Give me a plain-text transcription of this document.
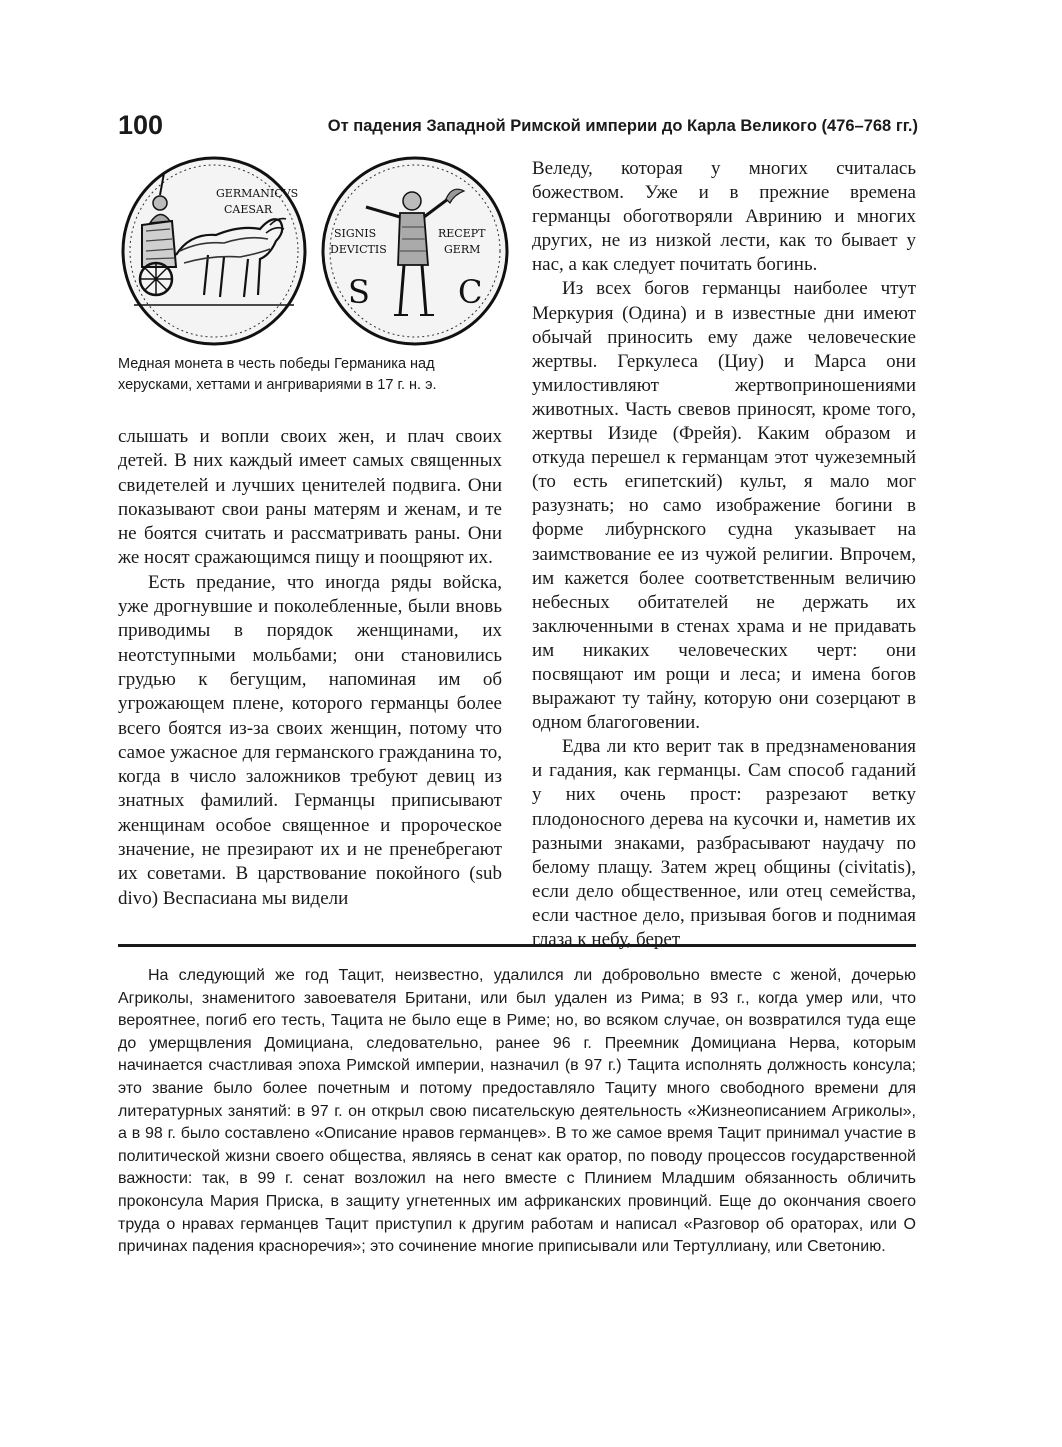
100	От падения Западной Римской империи до Карла Великого (476–768 гг.)
GERMANICVS
CAESAR
SIGNIS
DEVICTIS
RECEPT
GERM
S	C
Медная монета в честь победы Германика над
херусками, хеттами и ангривариями в 17 г. н. э.

слышать и вопли своих жен, и плач своих детей. В них каждый имеет самых священных свидетелей и лучших ценителей подвига. Они показывают свои раны матерям и женам, и те не боятся считать и рассматривать раны. Они же носят сражающимся пищу и поощряют их.

Есть предание, что иногда ряды войска, уже дрогнувшие и поколебленные, были вновь приводимы в порядок женщинами, их неотступными мольбами; они становились грудью к бегущим, напоминая им об угрожающем плене, которого германцы более всего боятся из-за своих женщин, потому что самое ужасное для германского гражданина то, когда в число заложников требуют девиц из знатных фамилий. Германцы приписывают женщинам особое священное и пророческое значение, не презирают их и не пренебрегают их советами. В царствование покойного (sub divo) Веспасиана мы видели

Веледу, которая у многих считалась божеством. Уже и в прежние времена германцы обоготворяли Авринию и многих других, не из низкой лести, как то бывает у нас, а как следует почитать богинь.

Из всех богов германцы наиболее чтут Меркурия (Одина) и в известные дни имеют обычай приносить ему даже человеческие жертвы. Геркулеса (Циу) и Марса они умилостивляют жертвоприношениями животных. Часть свевов приносят, кроме того, жертвы Изиде (Фрейя). Каким образом и откуда перешел к германцам этот чужеземный (то есть египетский) культ, я мало мог разузнать; но само изображение богини в форме либурнского судна указывает на заимствование ее из чужой религии. Впрочем, им кажется более соответственным величию небесных обитателей не держать их заключенными в стенах храма и не придавать им никаких человеческих черт: они посвящают им рощи и леса; и имена богов выражают ту тайну, которую они созерцают в одном благоговении.

Едва ли кто верит так в предзнаменования и гадания, как германцы. Сам способ гаданий у них очень прост: разрезают ветку плодоносного дерева на кусочки и, наметив их разными знаками, разбрасывают наудачу по белому плащу. Затем жрец общины (civitatis), если дело общественное, или отец семейства, если частное дело, призывая богов и поднимая глаза к небу, берет

На следующий же год Тацит, неизвестно, удалился ли добровольно вместе с женой, дочерью Агриколы, знаменитого завоевателя Британи, или был удален из Рима; в 93 г., когда умер или, что вероятнее, погиб его тесть, Тацита не было еще в Риме; но, во всяком случае, он возвратился туда еще до умерщвления Домициана, следовательно, ранее 96 г. Преемник Домициана Нерва, которым начинается счастливая эпоха Римской империи, назначил (в 97 г.) Тацита исполнять должность консула; это звание было более почетным и потому предоставляло Тациту много свободного времени для литературных занятий: в 97 г. он открыл свою писательскую деятельность «Жизнеописанием Агриколы», а в 98 г. было составлено «Описание нравов германцев». В то же самое время Тацит принимал участие в политической жизни своего общества, являясь в сенат как оратор, по поводу процессов государственной важности: так, в 99 г. сенат возложил на него вместе с Плинием Младшим обязанность обличить проконсула Мария Приска, в защиту угнетенных им африканских провинций. Еще до окончания своего труда о нравах германцев Тацит приступил к другим работам и написал «Разговор об ораторах, или О причинах падения красноречия»; это сочинение многие приписывали или Тертуллиану, или Светонию.
